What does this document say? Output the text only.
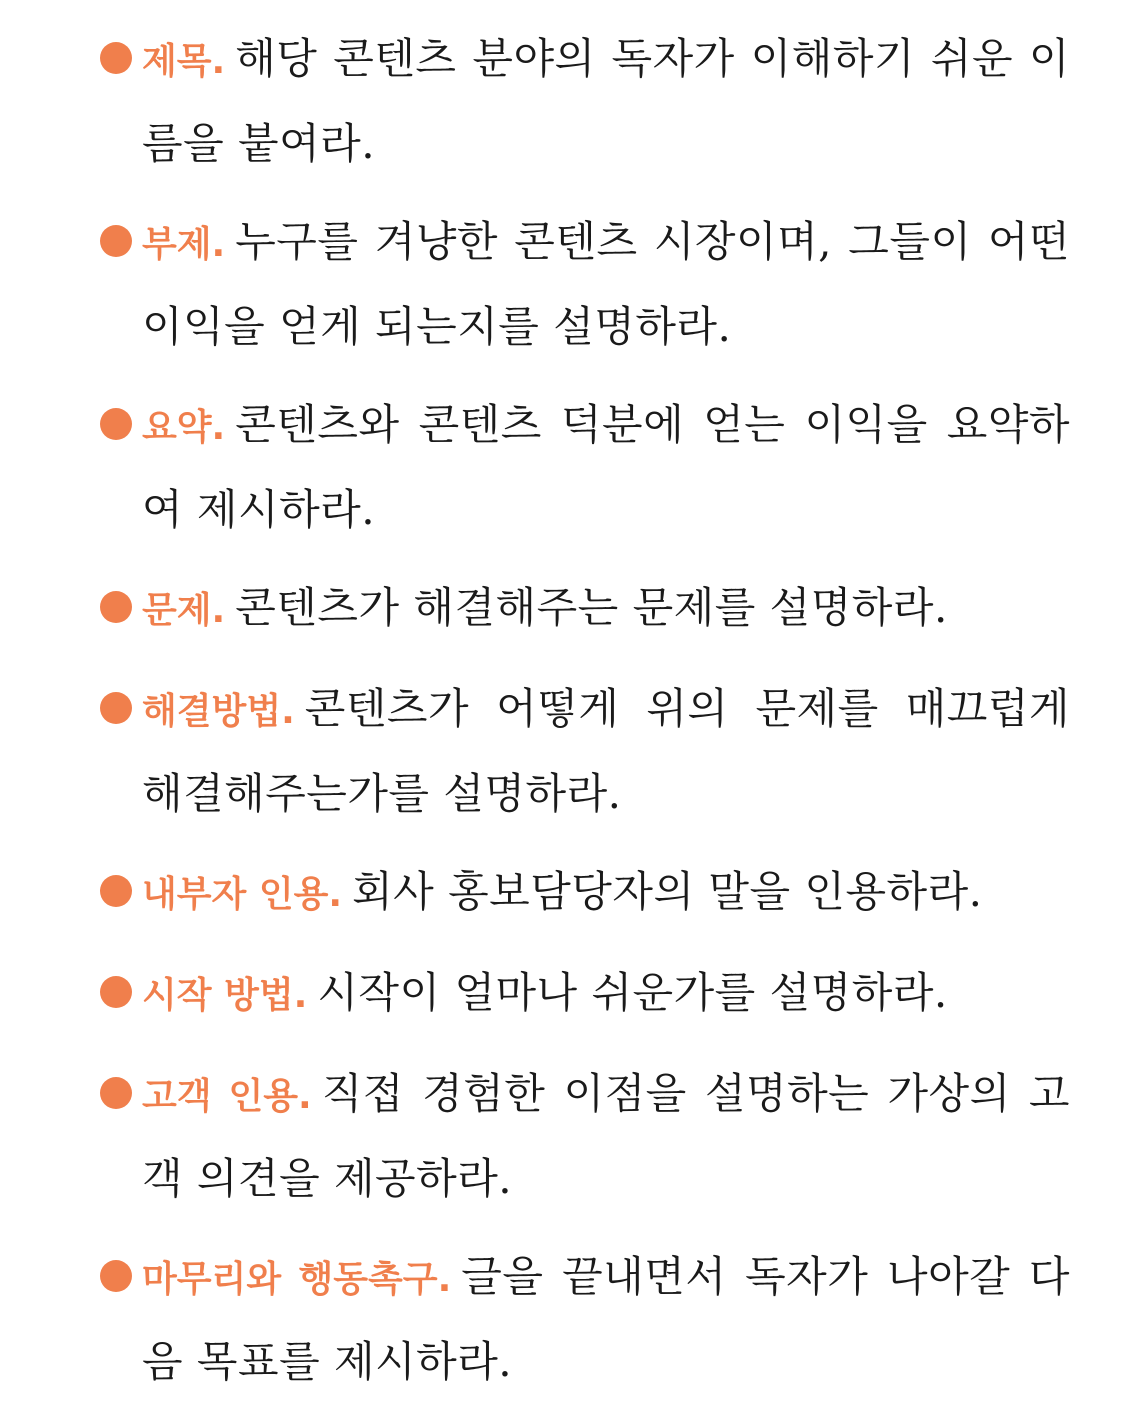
제목. 해당 콘텐츠 분야의 독자가 이해하기 쉬운 이름을 붙여라.
부제. 누구를 겨냥한 콘텐츠 시장이며, 그들이 어떤 이익을 얻게 되는지를 설명하라.
요약. 콘텐츠와 콘텐츠 덕분에 얻는 이익을 요약하여 제시하라.
문제. 콘텐츠가 해결해주는 문제를 설명하라.
해결방법. 콘텐츠가 어떻게 위의 문제를 매끄럽게 해결해주는가를 설명하라.
내부자 인용. 회사 홍보담당자의 말을 인용하라.
시작 방법. 시작이 얼마나 쉬운가를 설명하라.
고객 인용. 직접 경험한 이점을 설명하는 가상의 고객 의견을 제공하라.
마무리와 행동촉구. 글을 끝내면서 독자가 나아갈 다음 목표를 제시하라.
